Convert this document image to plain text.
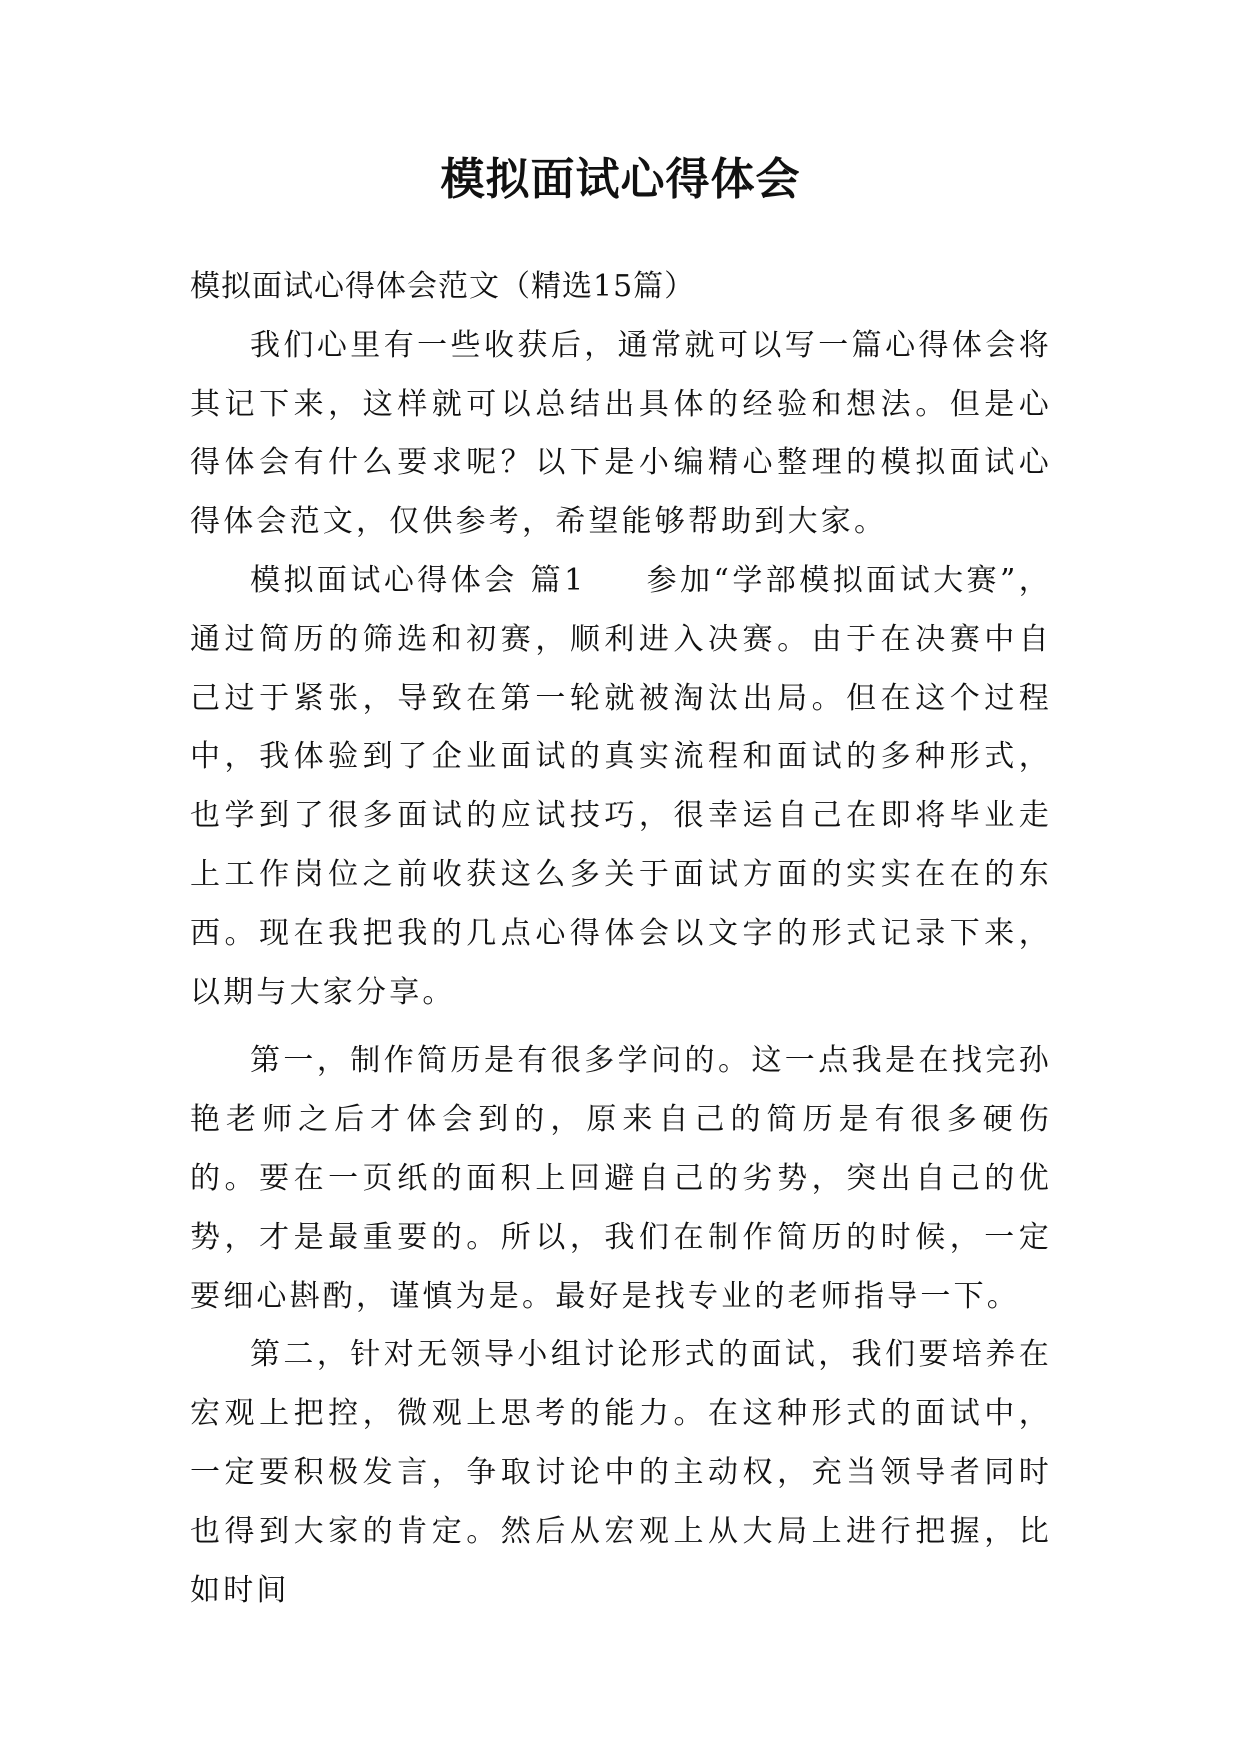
模拟面试心得体会

模拟面试心得体会范文（精选15篇）

我们心里有一些收获后，通常就可以写一篇心得体会将其记下来，这样就可以总结出具体的经验和想法。但是心得体会有什么要求呢？以下是小编精心整理的模拟面试心得体会范文，仅供参考，希望能够帮助到大家。

模拟面试心得体会 篇1 参加“学部模拟面试大赛”，通过简历的筛选和初赛，顺利进入决赛。由于在决赛中自己过于紧张，导致在第一轮就被淘汰出局。但在这个过程中，我体验到了企业面试的真实流程和面试的多种形式，也学到了很多面试的应试技巧，很幸运自己在即将毕业走上工作岗位之前收获这么多关于面试方面的实实在在的东西。现在我把我的几点心得体会以文字的形式记录下来，以期与大家分享。

第一，制作简历是有很多学问的。这一点我是在找完孙艳老师之后才体会到的，原来自己的简历是有很多硬伤的。要在一页纸的面积上回避自己的劣势，突出自己的优势，才是最重要的。所以，我们在制作简历的时候，一定要细心斟酌，谨慎为是。最好是找专业的老师指导一下。

第二，针对无领导小组讨论形式的面试，我们要培养在宏观上把控，微观上思考的能力。在这种形式的面试中，一定要积极发言，争取讨论中的主动权，充当领导者同时也得到大家的肯定。然后从宏观上从大局上进行把握，比如时间
